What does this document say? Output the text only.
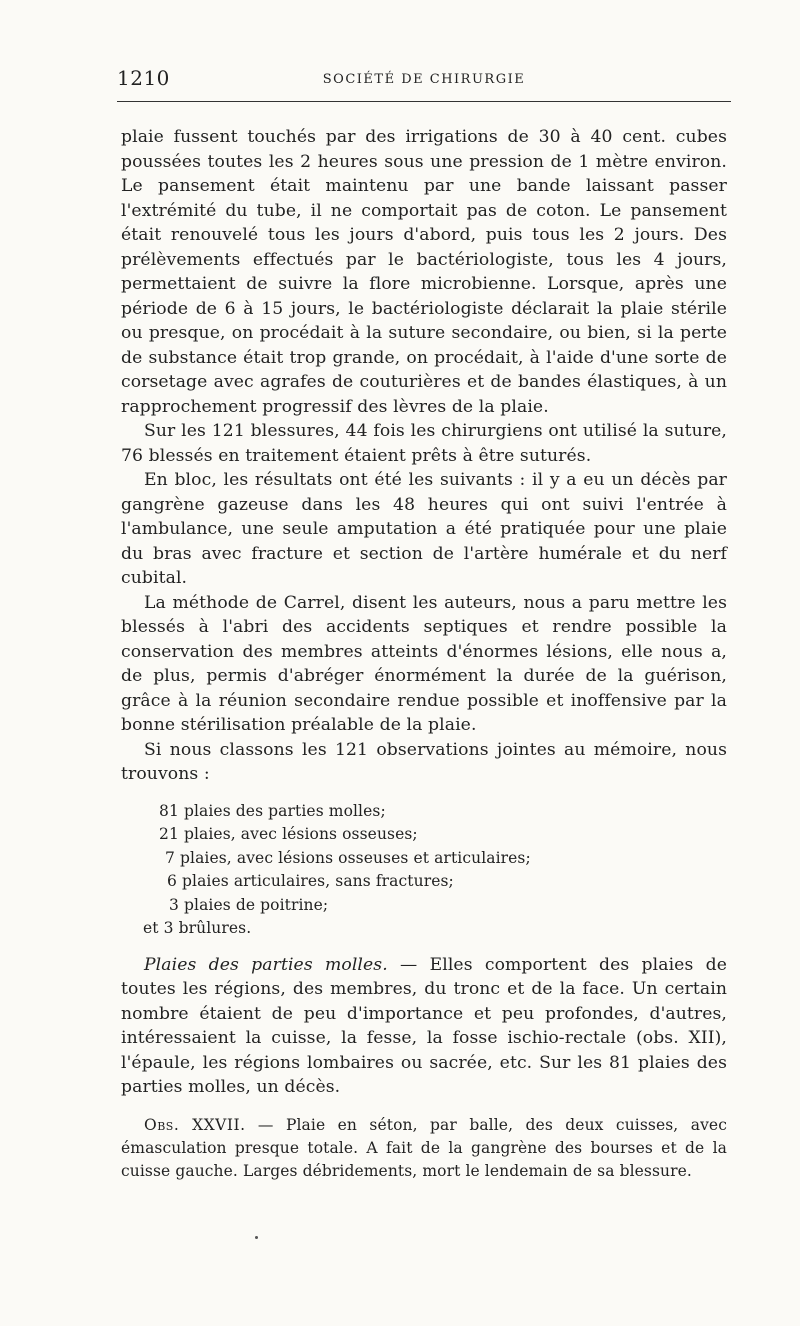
1210	SOCIÉTÉ DE CHIRURGIE

plaie fussent touchés par des irrigations de 30 à 40 cent. cubes poussées toutes les 2 heures sous une pression de 1 mètre environ. Le pansement était maintenu par une bande laissant passer l'extrémité du tube, il ne comportait pas de coton. Le pansement était renouvelé tous les jours d'abord, puis tous les 2 jours. Des prélèvements effectués par le bactériologiste, tous les 4 jours, permettaient de suivre la flore microbienne. Lorsque, après une période de 6 à 15 jours, le bactériologiste déclarait la plaie stérile ou presque, on procédait à la suture secondaire, ou bien, si la perte de substance était trop grande, on procédait, à l'aide d'une sorte de corsetage avec agrafes de couturières et de bandes élastiques, à un rapprochement progressif des lèvres de la plaie.

Sur les 121 blessures, 44 fois les chirurgiens ont utilisé la suture, 76 blessés en traitement étaient prêts à être suturés.

En bloc, les résultats ont été les suivants : il y a eu un décès par gangrène gazeuse dans les 48 heures qui ont suivi l'entrée à l'ambulance, une seule amputation a été pratiquée pour une plaie du bras avec fracture et section de l'artère humérale et du nerf cubital.

La méthode de Carrel, disent les auteurs, nous a paru mettre les blessés à l'abri des accidents septiques et rendre possible la conservation des membres atteints d'énormes lésions, elle nous a, de plus, permis d'abréger énormément la durée de la guérison, grâce à la réunion secondaire rendue possible et inoffensive par la bonne stérilisation préalable de la plaie.

Si nous classons les 121 observations jointes au mémoire, nous trouvons :

81 plaies des parties molles;
21 plaies, avec lésions osseuses;
7 plaies, avec lésions osseuses et articulaires;
6 plaies articulaires, sans fractures;
3 plaies de poitrine;
et 3 brûlures.

Plaies des parties molles. — Elles comportent des plaies de toutes les régions, des membres, du tronc et de la face. Un certain nombre étaient de peu d'importance et peu profondes, d'autres, intéressaient la cuisse, la fesse, la fosse ischio-rectale (obs. XII), l'épaule, les régions lombaires ou sacrée, etc. Sur les 81 plaies des parties molles, un décès.

Obs. XXVII. — Plaie en séton, par balle, des deux cuisses, avec émasculation presque totale. A fait de la gangrène des bourses et de la cuisse gauche. Larges débridements, mort le lendemain de sa blessure.
